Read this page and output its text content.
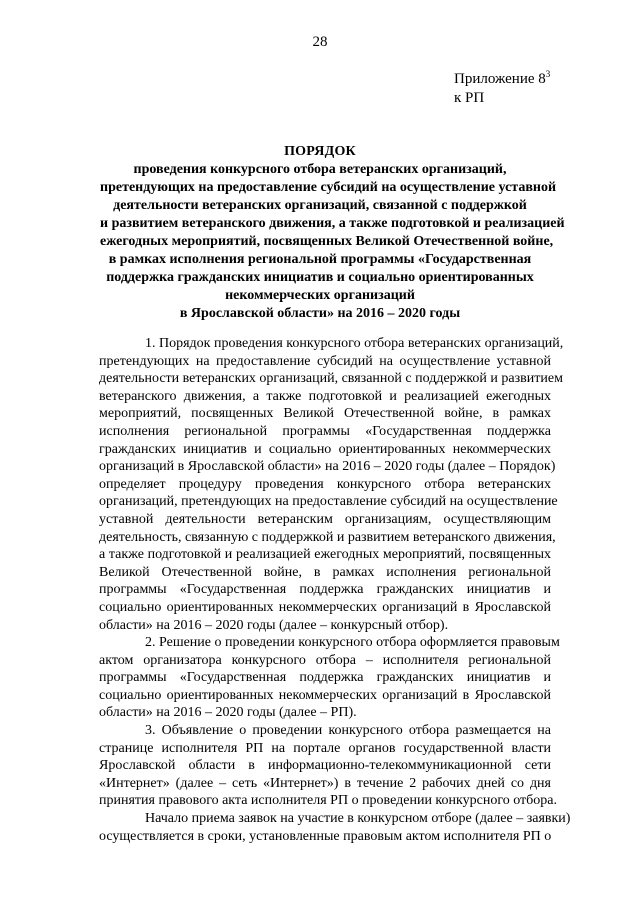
28
Приложение $8^3$
к РП
ПОРЯДОК
проведения конкурсного отбора ветеранских организаций,
претендующих на предоставление субсидий на осуществление уставной
деятельности ветеранских организаций, связанной с поддержкой
и развитием ветеранского движения, а также подготовкой и реализацией
ежегодных мероприятий, посвященных Великой Отечественной войне,
в рамках исполнения региональной программы «Государственная
поддержка гражданских инициатив и социально ориентированных
некоммерческих организаций
в Ярославской области» на 2016 – 2020 годы
1. Порядок проведения конкурсного отбора ветеранских организаций,
претендующих на предоставление субсидий на осуществление уставной
деятельности ветеранских организаций, связанной с поддержкой и развитием
ветеранского движения, а также подготовкой и реализацией ежегодных
мероприятий, посвященных Великой Отечественной войне, в рамках
исполнения региональной программы «Государственная поддержка
гражданских инициатив и социально ориентированных некоммерческих
организаций в Ярославской области» на 2016 – 2020 годы (далее – Порядок)
определяет процедуру проведения конкурсного отбора ветеранских
организаций, претендующих на предоставление субсидий на осуществление
уставной деятельности ветеранским организациям, осуществляющим
деятельность, связанную с поддержкой и развитием ветеранского движения,
а также подготовкой и реализацией ежегодных мероприятий, посвященных
Великой Отечественной войне, в рамках исполнения региональной
программы «Государственная поддержка гражданских инициатив и
социально ориентированных некоммерческих организаций в Ярославской
области» на 2016 – 2020 годы (далее – конкурсный отбор).
2. Решение о проведении конкурсного отбора оформляется правовым
актом организатора конкурсного отбора – исполнителя региональной
программы «Государственная поддержка гражданских инициатив и
социально ориентированных некоммерческих организаций в Ярославской
области» на 2016 – 2020 годы (далее – РП).
3. Объявление о проведении конкурсного отбора размещается на
странице исполнителя РП на портале органов государственной власти
Ярославской области в информационно-телекоммуникационной сети
«Интернет» (далее – сеть «Интернет») в течение 2 рабочих дней со дня
принятия правового акта исполнителя РП о проведении конкурсного отбора.
Начало приема заявок на участие в конкурсном отборе (далее – заявки)
осуществляется в сроки, установленные правовым актом исполнителя РП о
